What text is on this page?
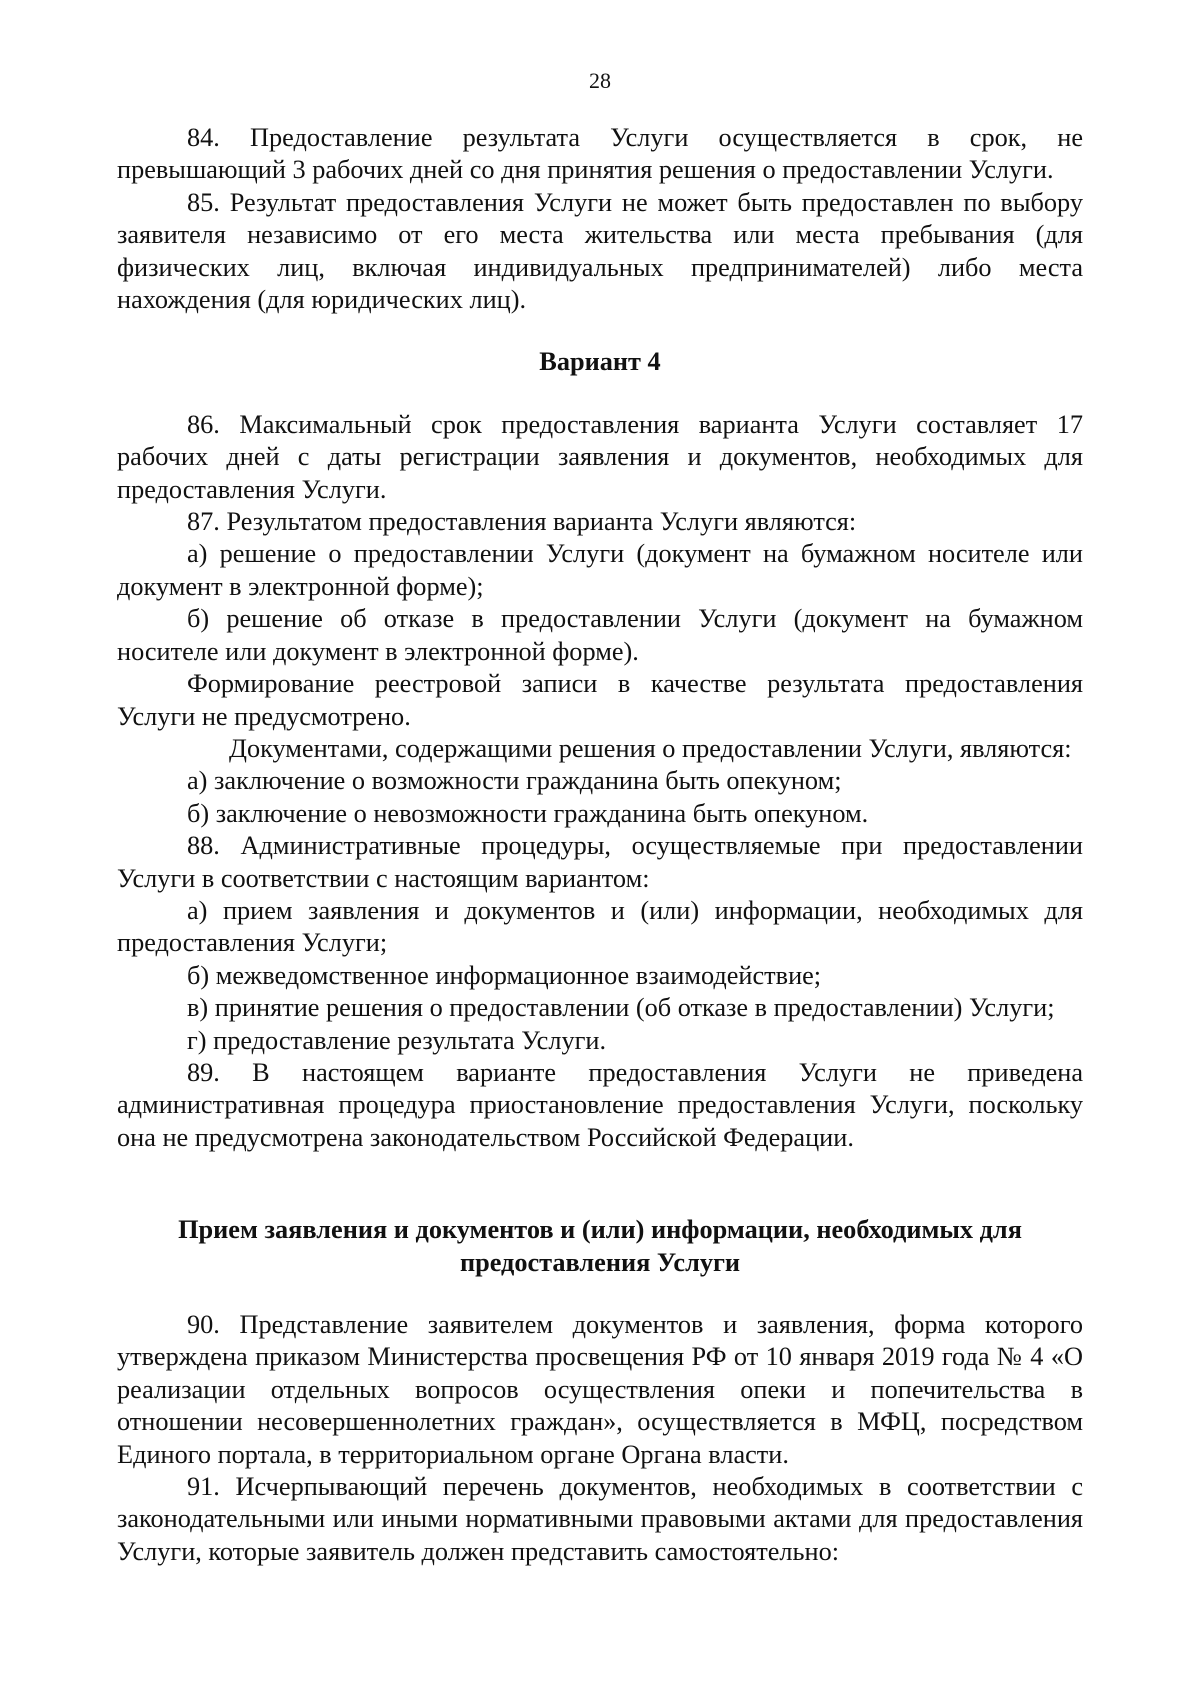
28

84. Предоставление результата Услуги осуществляется в срок, не превышающий 3 рабочих дней со дня принятия решения о предоставлении Услуги.

85. Результат предоставления Услуги не может быть предоставлен по выбору заявителя независимо от его места жительства или места пребывания (для физических лиц, включая индивидуальных предпринимателей) либо места нахождения (для юридических лиц).

Вариант 4

86. Максимальный срок предоставления варианта Услуги составляет 17 рабочих дней с даты регистрации заявления и документов, необходимых для предоставления Услуги.

87. Результатом предоставления варианта Услуги являются:

а) решение о предоставлении Услуги (документ на бумажном носителе или документ в электронной форме);

б) решение об отказе в предоставлении Услуги (документ на бумажном носителе или документ в электронной форме).

Формирование реестровой записи в качестве результата предоставления Услуги не предусмотрено.

Документами, содержащими решения о предоставлении Услуги, являются:

а) заключение о возможности гражданина быть опекуном;

б) заключение о невозможности гражданина быть опекуном.

88. Административные процедуры, осуществляемые при предоставлении Услуги в соответствии с настоящим вариантом:

а) прием заявления и документов и (или) информации, необходимых для предоставления Услуги;

б) межведомственное информационное взаимодействие;

в) принятие решения о предоставлении (об отказе в предоставлении) Услуги;

г) предоставление результата Услуги.

89. В настоящем варианте предоставления Услуги не приведена административная процедура приостановление предоставления Услуги, поскольку она не предусмотрена законодательством Российской Федерации.

Прием заявления и документов и (или) информации, необходимых для
предоставления Услуги

90. Представление заявителем документов и заявления, форма которого утверждена приказом Министерства просвещения РФ от 10 января 2019 года № 4 «О реализации отдельных вопросов осуществления опеки и попечительства в отношении несовершеннолетних граждан», осуществляется в МФЦ, посредством Единого портала, в территориальном органе Органа власти.

91. Исчерпывающий перечень документов, необходимых в соответствии с законодательными или иными нормативными правовыми актами для предоставления Услуги, которые заявитель должен представить самостоятельно:
